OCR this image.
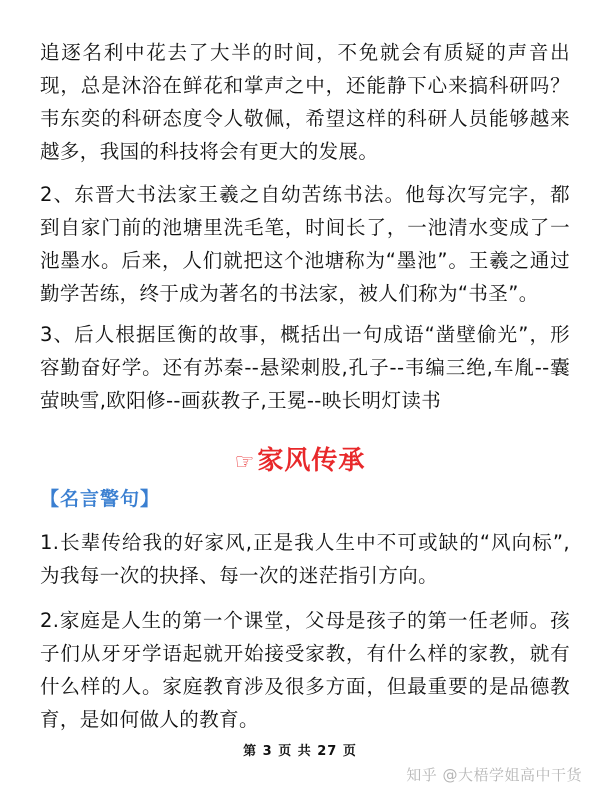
追逐名利中花去了大半的时间，不免就会有质疑的声音出现，总是沐浴在鲜花和掌声之中，还能静下心来搞科研吗？韦东奕的科研态度令人敬佩，希望这样的科研人员能够越来越多，我国的科技将会有更大的发展。

2、东晋大书法家王羲之自幼苦练书法。他每次写完字，都到自家门前的池塘里洗毛笔，时间长了，一池清水变成了一池墨水。后来，人们就把这个池塘称为“墨池”。王羲之通过勤学苦练，终于成为著名的书法家，被人们称为“书圣”。

3、后人根据匡衡的故事，概括出一句成语“凿壁偷光”，形容勤奋好学。还有苏秦--悬梁刺股,孔子--韦编三绝,车胤--囊萤映雪,欧阳修--画荻教子,王冕--映长明灯读书

☞家风传承
【名言警句】

1.长辈传给我的好家风,正是我人生中不可或缺的“风向标”,为我每一次的抉择、每一次的迷茫指引方向。

2.家庭是人生的第一个课堂，父母是孩子的第一任老师。孩子们从牙牙学语起就开始接受家教，有什么样的家教，就有什么样的人。家庭教育涉及很多方面，但最重要的是品德教育，是如何做人的教育。

第 3 页 共 27 页
知乎 @大梧学姐高中干货
